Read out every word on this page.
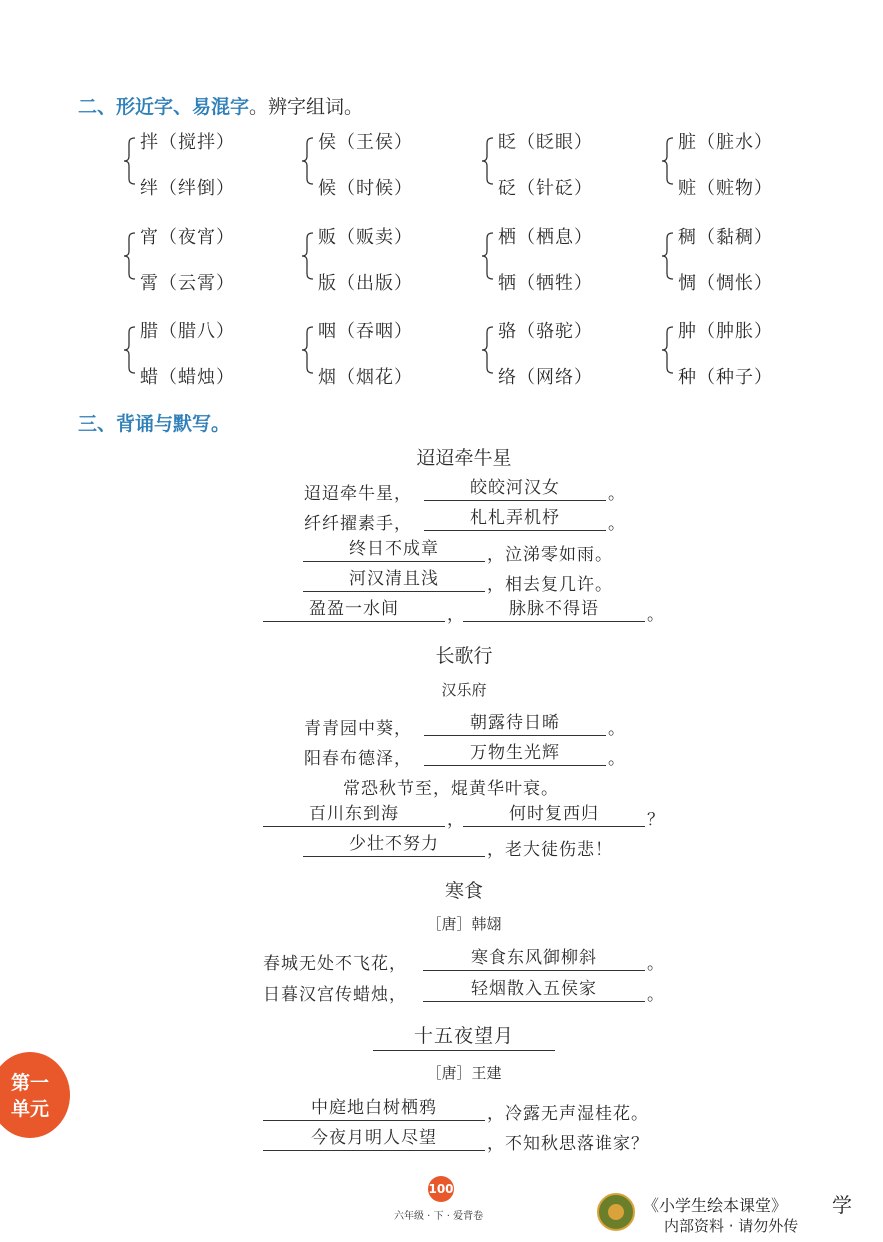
二、形近字、易混字。辨字组词。
拌（搅拌）
绊（绊倒）
侯（王侯）
候（时候）
眨（眨眼）
砭（针砭）
脏（脏水）
赃（赃物）
宵（夜宵）
霄（云霄）
贩（贩卖）
版（出版）
栖（栖息）
牺（牺牲）
稠（黏稠）
惆（惆怅）
腊（腊八）
蜡（蜡烛）
咽（吞咽）
烟（烟花）
骆（骆驼）
络（网络）
肿（肿胀）
种（种子）
三、背诵与默写。
迢迢牵牛星
迢迢牵牛星，	皎皎河汉女	。
纤纤擢素手，	札札弄机杼	。
终日不成章	，泣涕零如雨。
河汉清且浅	，相去复几许。
盈盈一水间	，	脉脉不得语	。
长歌行
汉乐府
青青园中葵，	朝露待日晞	。
阳春布德泽，	万物生光辉	。
常恐秋节至，焜黄华叶衰。
百川东到海	，	何时复西归	？
少壮不努力	，老大徒伤悲！
寒食
［唐］韩翃
春城无处不飞花，	寒食东风御柳斜	。
日暮汉宫传蜡烛，	轻烟散入五侯家	。
十五夜望月
［唐］王建
中庭地白树栖鸦	，冷露无声湿桂花。
今夜月明人尽望	，不知秋思落谁家？
第一
单元
100
六年级 · 下 · 爱背卷
《小学生绘本课堂》
内部资料 · 请勿外传
学
